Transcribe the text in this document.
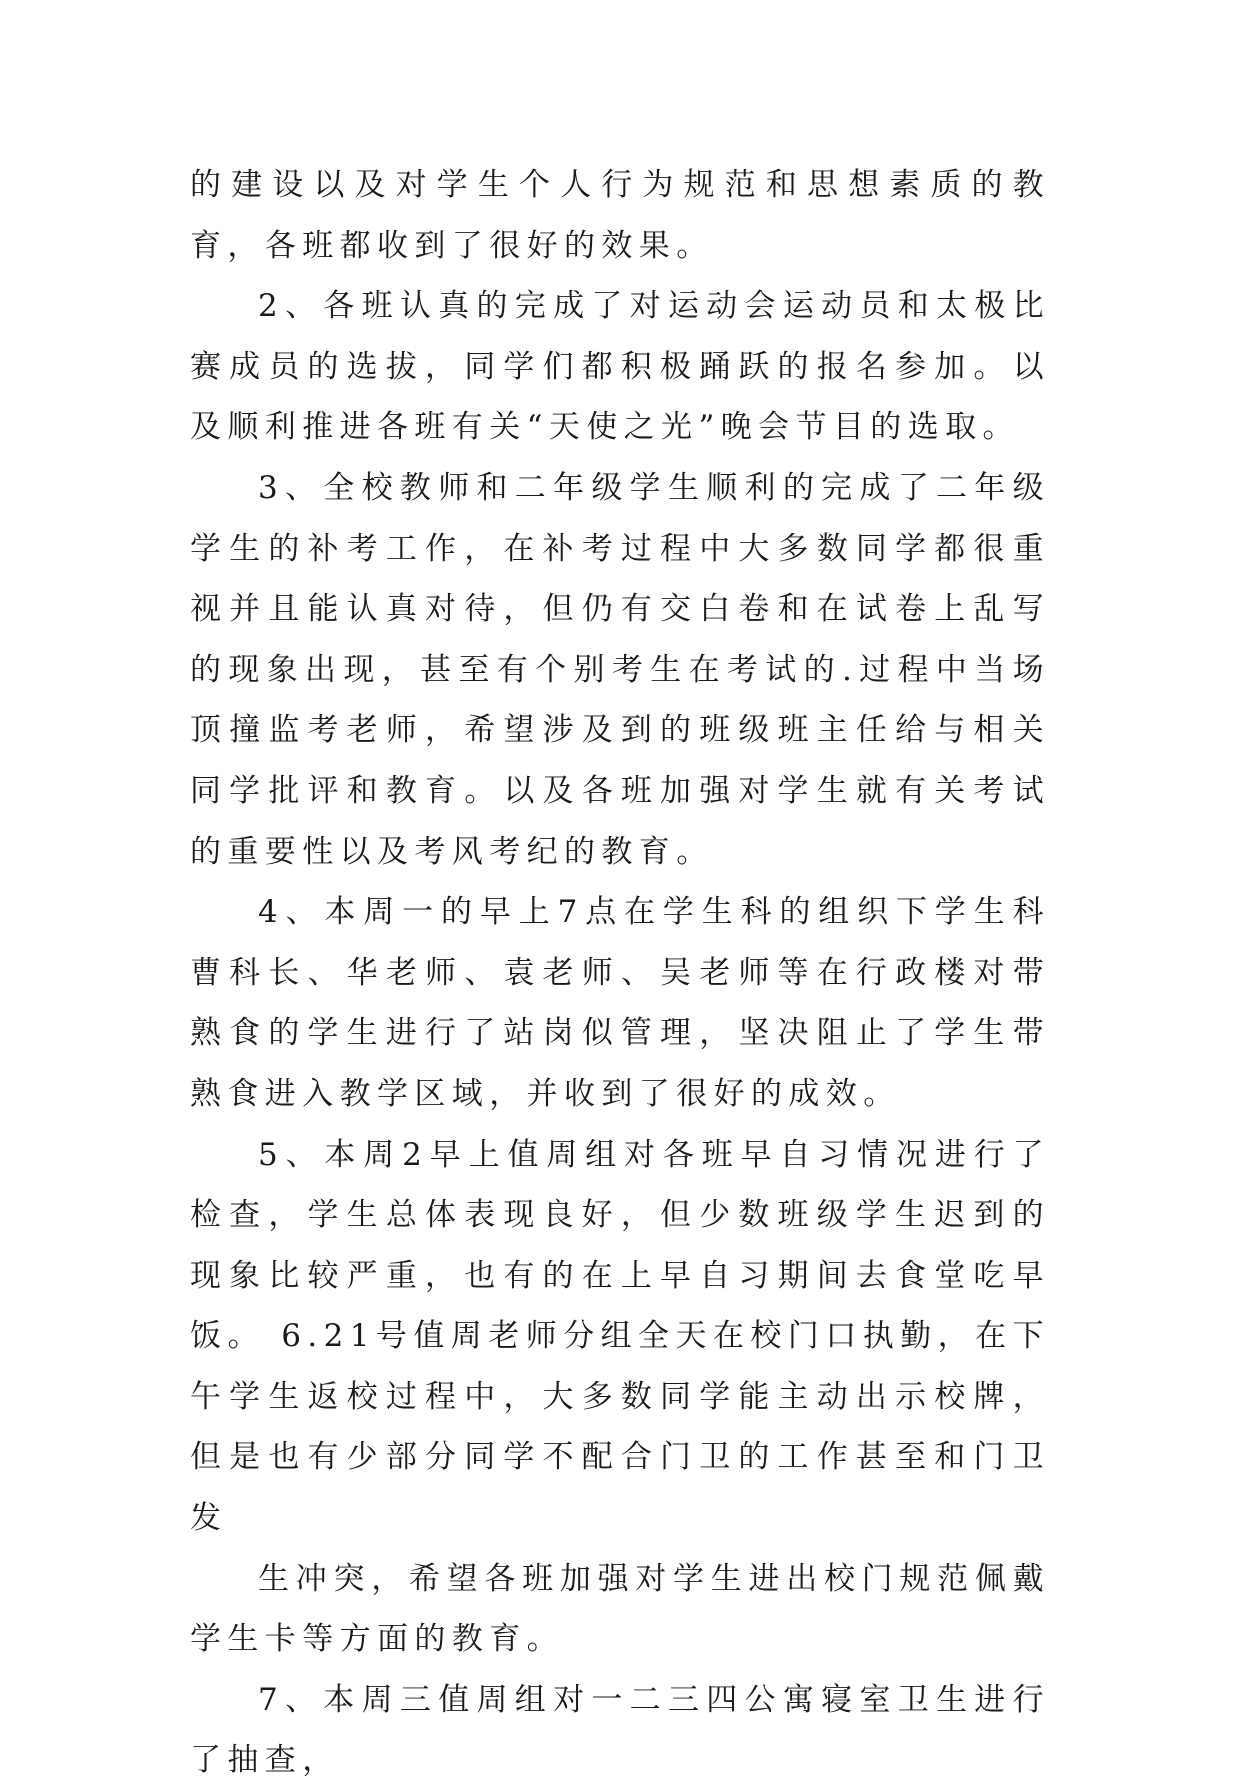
的建设以及对学生个人行为规范和思想素质的教育，各班都收到了很好的效果。

2、各班认真的完成了对运动会运动员和太极比赛成员的选拔，同学们都积极踊跃的报名参加。以及顺利推进各班有关“天使之光”晚会节目的选取。

3、全校教师和二年级学生顺利的完成了二年级学生的补考工作，在补考过程中大多数同学都很重视并且能认真对待，但仍有交白卷和在试卷上乱写的现象出现，甚至有个别考生在考试的.过程中当场顶撞监考老师，希望涉及到的班级班主任给与相关同学批评和教育。以及各班加强对学生就有关考试的重要性以及考风考纪的教育。

4、本周一的早上7点在学生科的组织下学生科曹科长、华老师、袁老师、吴老师等在行政楼对带熟食的学生进行了站岗似管理，坚决阻止了学生带熟食进入教学区域，并收到了很好的成效。

5、本周2早上值周组对各班早自习情况进行了检查，学生总体表现良好，但少数班级学生迟到的现象比较严重，也有的在上早自习期间去食堂吃早饭。 6.21号值周老师分组全天在校门口执勤，在下午学生返校过程中，大多数同学能主动出示校牌，但是也有少部分同学不配合门卫的工作甚至和门卫发

生冲突，希望各班加强对学生进出校门规范佩戴学生卡等方面的教育。

7、本周三值周组对一二三四公寓寝室卫生进行了抽查，
